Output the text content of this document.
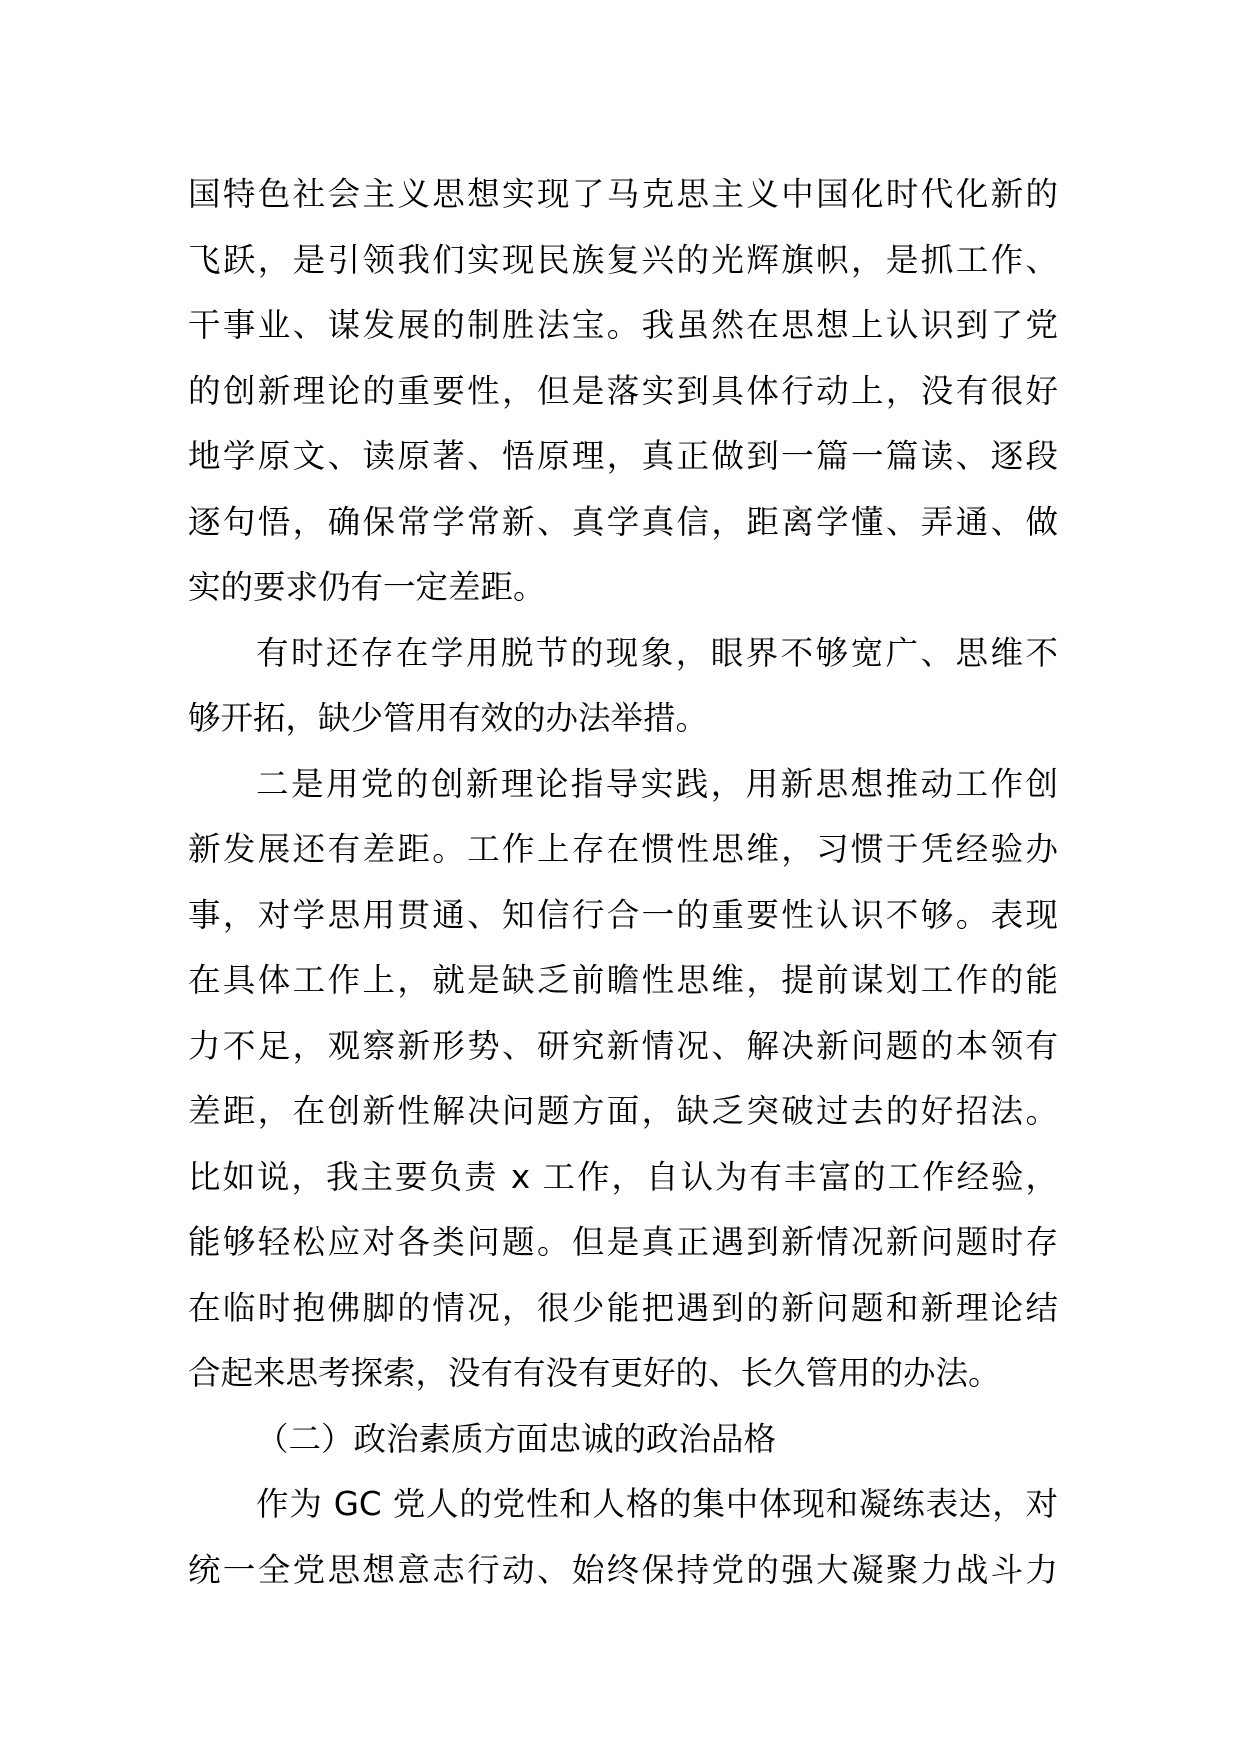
国特色社会主义思想实现了马克思主义中国化时代化新的
飞跃，是引领我们实现民族复兴的光辉旗帜，是抓工作、
干事业、谋发展的制胜法宝。我虽然在思想上认识到了党
的创新理论的重要性，但是落实到具体行动上，没有很好
地学原文、读原著、悟原理，真正做到一篇一篇读、逐段
逐句悟，确保常学常新、真学真信，距离学懂、弄通、做
实的要求仍有一定差距。
有时还存在学用脱节的现象，眼界不够宽广、思维不
够开拓，缺少管用有效的办法举措。
二是用党的创新理论指导实践，用新思想推动工作创
新发展还有差距。工作上存在惯性思维，习惯于凭经验办
事，对学思用贯通、知信行合一的重要性认识不够。表现
在具体工作上，就是缺乏前瞻性思维，提前谋划工作的能
力不足，观察新形势、研究新情况、解决新问题的本领有
差距，在创新性解决问题方面，缺乏突破过去的好招法。
比如说，我主要负责 x 工作，自认为有丰富的工作经验，
能够轻松应对各类问题。但是真正遇到新情况新问题时存
在临时抱佛脚的情况，很少能把遇到的新问题和新理论结
合起来思考探索，没有有没有更好的、长久管用的办法。
（二）政治素质方面忠诚的政治品格
作为 GC 党人的党性和人格的集中体现和凝练表达，对
统一全党思想意志行动、始终保持党的强大凝聚力战斗力
